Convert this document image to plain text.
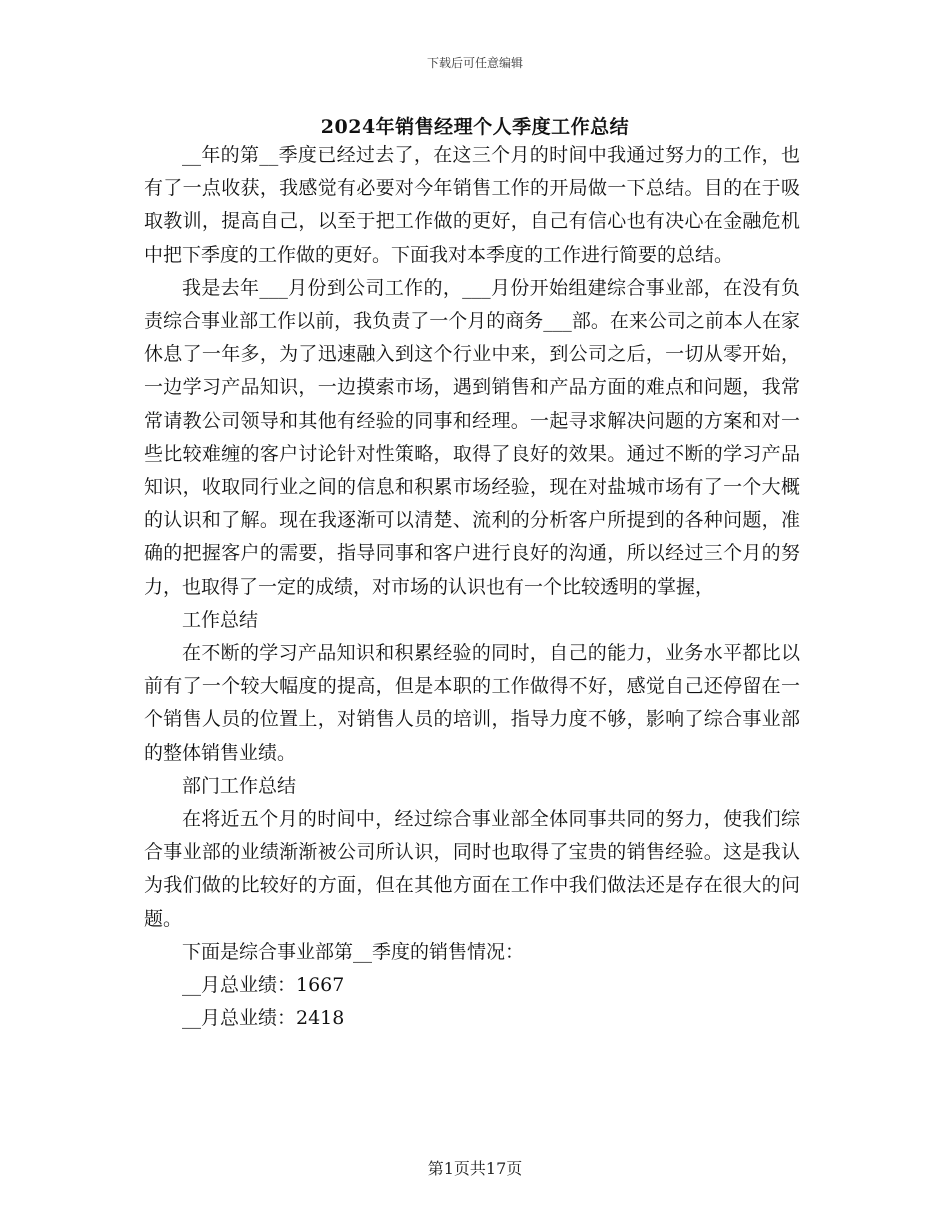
下载后可任意编辑
2024年销售经理个人季度工作总结

__年的第__季度已经过去了，在这三个月的时间中我通过努力的工作，也有了一点收获，我感觉有必要对今年销售工作的开局做一下总结。目的在于吸取教训，提高自己，以至于把工作做的更好，自己有信心也有决心在金融危机中把下季度的工作做的更好。下面我对本季度的工作进行简要的总结。

我是去年___月份到公司工作的，___月份开始组建综合事业部，在没有负责综合事业部工作以前，我负责了一个月的商务___部。在来公司之前本人在家休息了一年多，为了迅速融入到这个行业中来，到公司之后，一切从零开始，一边学习产品知识，一边摸索市场，遇到销售和产品方面的难点和问题，我常常请教公司领导和其他有经验的同事和经理。一起寻求解决问题的方案和对一些比较难缠的客户讨论针对性策略，取得了良好的效果。通过不断的学习产品知识，收取同行业之间的信息和积累市场经验，现在对盐城市场有了一个大概的认识和了解。现在我逐渐可以清楚、流利的分析客户所提到的各种问题，准确的把握客户的需要，指导同事和客户进行良好的沟通，所以经过三个月的努力，也取得了一定的成绩，对市场的认识也有一个比较透明的掌握，

工作总结

在不断的学习产品知识和积累经验的同时，自己的能力，业务水平都比以前有了一个较大幅度的提高，但是本职的工作做得不好，感觉自己还停留在一个销售人员的位置上，对销售人员的培训，指导力度不够，影响了综合事业部的整体销售业绩。

部门工作总结

在将近五个月的时间中，经过综合事业部全体同事共同的努力，使我们综合事业部的业绩渐渐被公司所认识，同时也取得了宝贵的销售经验。这是我认为我们做的比较好的方面，但在其他方面在工作中我们做法还是存在很大的问题。

下面是综合事业部第__季度的销售情况：

__月总业绩：1667

__月总业绩：2418

第1页共17页
